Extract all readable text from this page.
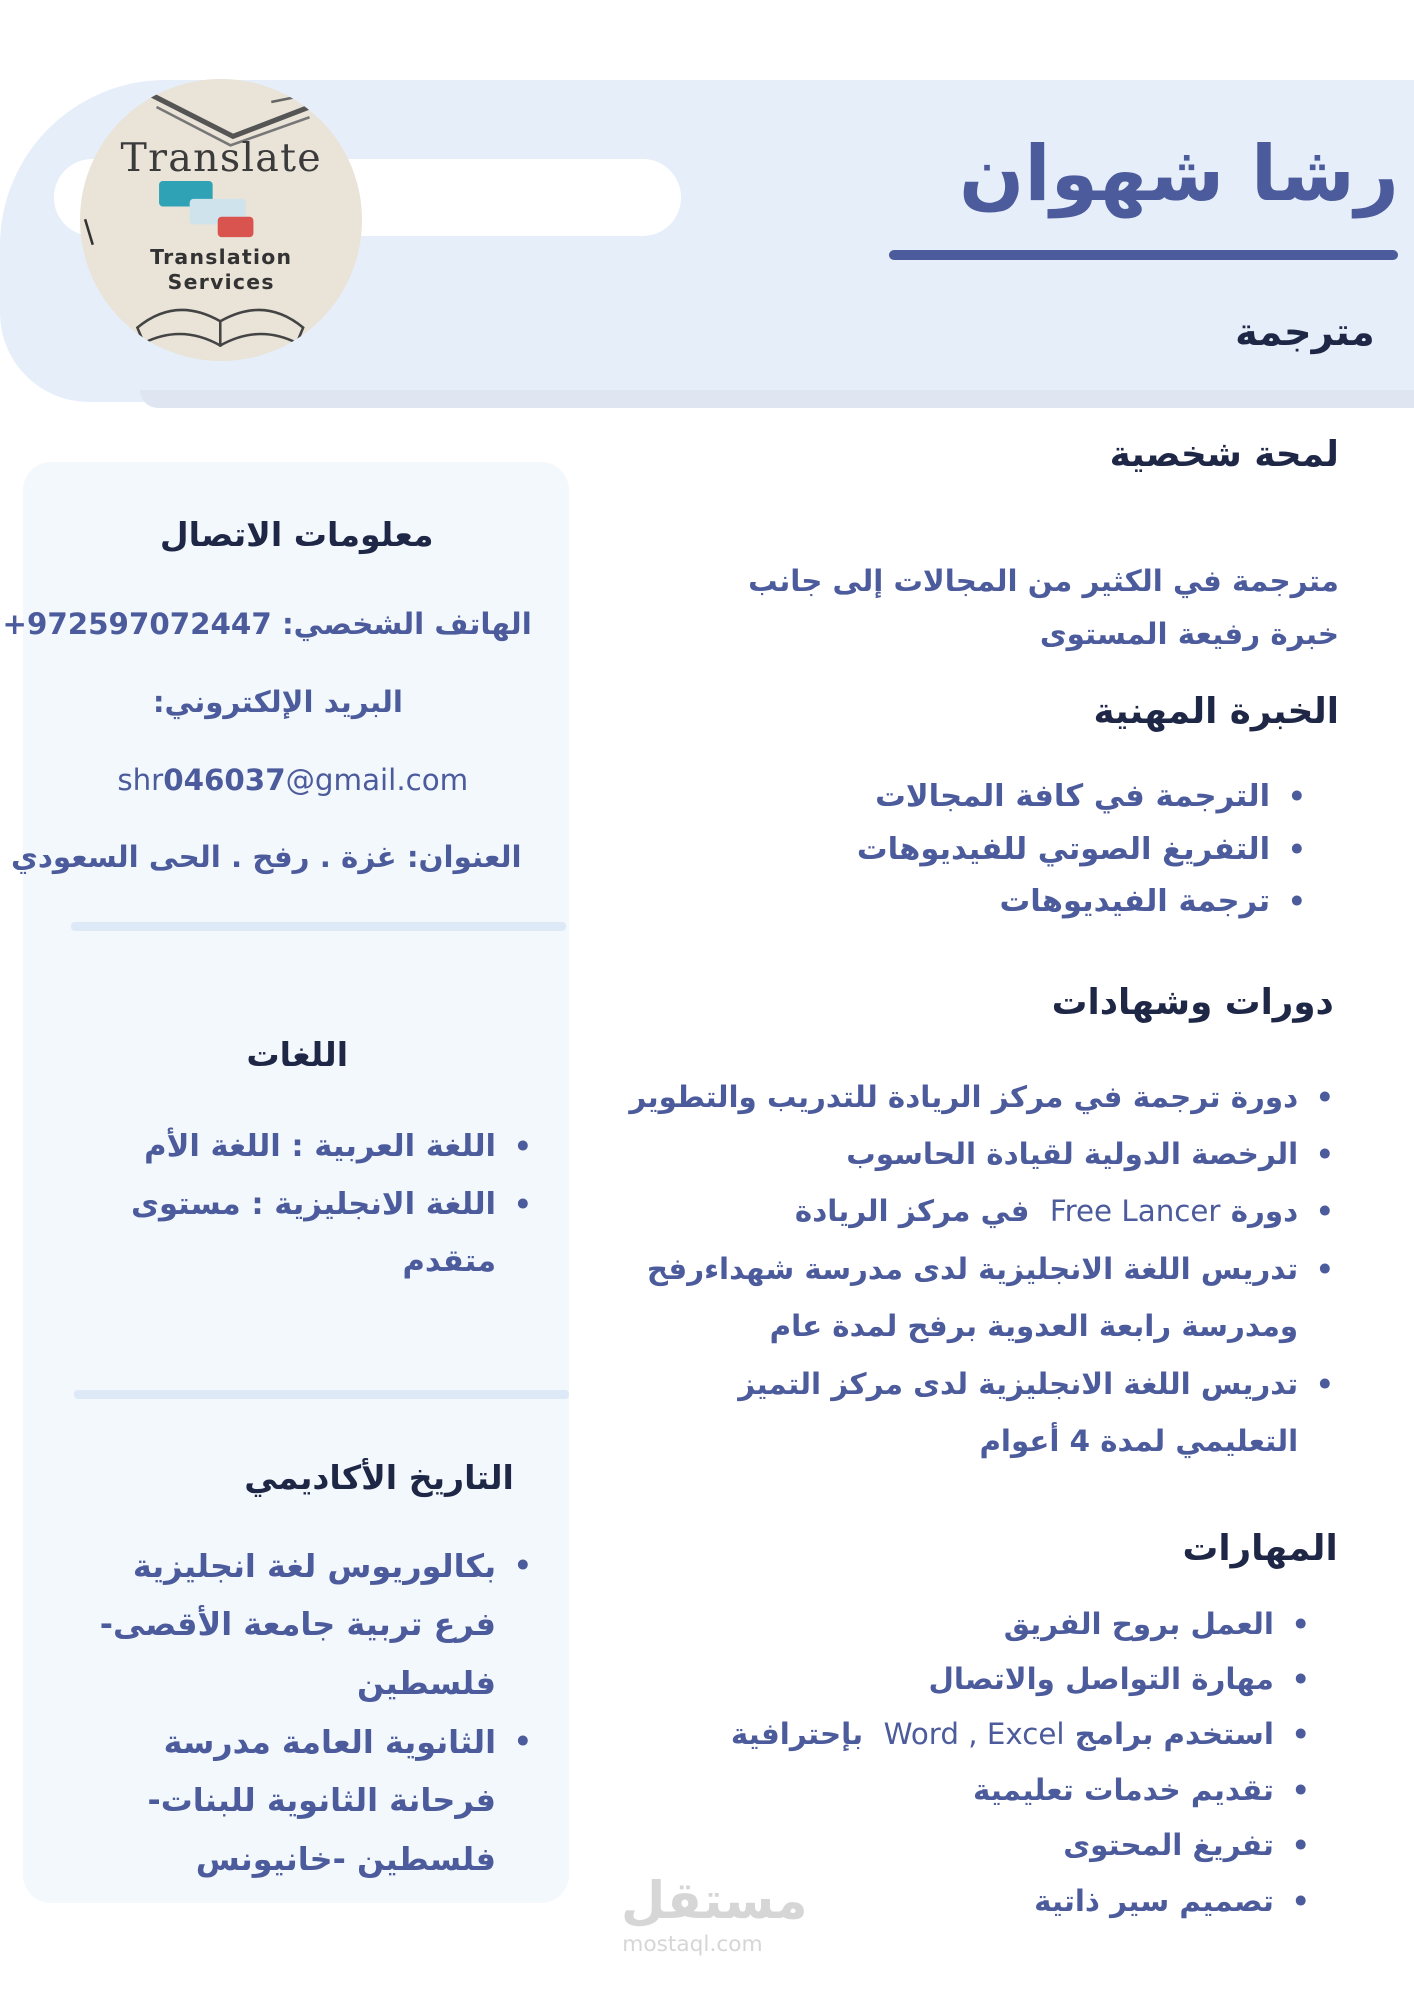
رشا شهوان
مترجمة
Translate
Translation
Services
معلومات الاتصال
الهاتف الشخصي: +972597072447
البريد الإلكتروني:
shr046037@gmail.com
العنوان: غزة . رفح . الحى السعودي
اللغات
•
اللغة العربية : اللغة الأم
•
اللغة الانجليزية : مستوى
متقدم
التاريخ الأكاديمي
•
بكالوريوس لغة انجليزية
فرع تربية جامعة الأقصى-
فلسطين
•
الثانوية العامة مدرسة
فرحانة الثانوية للبنات-
فلسطين -خانيونس
لمحة شخصية
مترجمة في الكثير من المجالات إلى جانب
خبرة رفيعة المستوى
الخبرة المهنية
•
الترجمة في كافة المجالات
•
التفريغ الصوتي للفيديوهات
•
ترجمة الفيديوهات
دورات وشهادات
•
دورة ترجمة في مركز الريادة للتدريب والتطوير
•
الرخصة الدولية لقيادة الحاسوب
•
دورة Free Lancer  في مركز الريادة
•
تدريس اللغة الانجليزية لدى مدرسة شهداءرفح
ومدرسة رابعة العدوية برفح لمدة عام
•
تدريس اللغة الانجليزية لدى مركز التميز
التعليمي لمدة 4 أعوام
المهارات
•
العمل بروح الفريق
•
مهارة التواصل والاتصال
•
استخدم برامج Word , Excel  بإحترافية
•
تقديم خدمات تعليمية
•
تفريغ المحتوى
•
تصميم سير ذاتية
مستقل
mostaql.com
